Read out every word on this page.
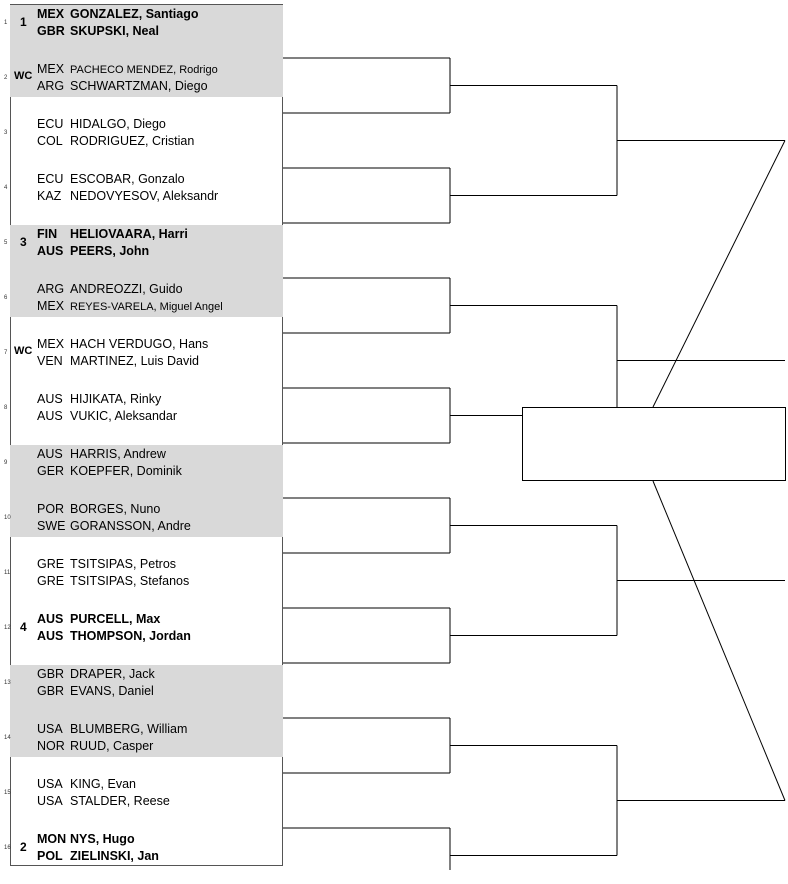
1 1
MEX GONZALEZ, Santiago
GBR SKUPSKI, Neal
2 WC MEX PACHECO MENDEZ, Rodrigo
ARG SCHWARTZMAN, Diego
3
ECU HIDALGO, Diego
COL RODRIGUEZ, Cristian
4
ECU ESCOBAR, Gonzalo
KAZ NEDOVYESOV, Aleksandr
5 3
FIN HELIOVAARA, Harri
AUS PEERS, John
6
ARG ANDREOZZI, Guido
MEX REYES-VARELA, Miguel Angel
7 WC MEX HACH VERDUGO, Hans
VEN MARTINEZ, Luis David
8
AUS HIJIKATA, Rinky
AUS VUKIC, Aleksandar
9
AUS HARRIS, Andrew
GER KOEPFER, Dominik
10
POR BORGES, Nuno
SWE GORANSSON, Andre
11
GRE TSITSIPAS, Petros
GRE TSITSIPAS, Stefanos
12 4
AUS PURCELL, Max
AUS THOMPSON, Jordan
13
GBR DRAPER, Jack
GBR EVANS, Daniel
14
USA BLUMBERG, William
NOR RUUD, Casper
15
USA KING, Evan
USA STALDER, Reese
16 2
MON NYS, Hugo
POL ZIELINSKI, Jan
